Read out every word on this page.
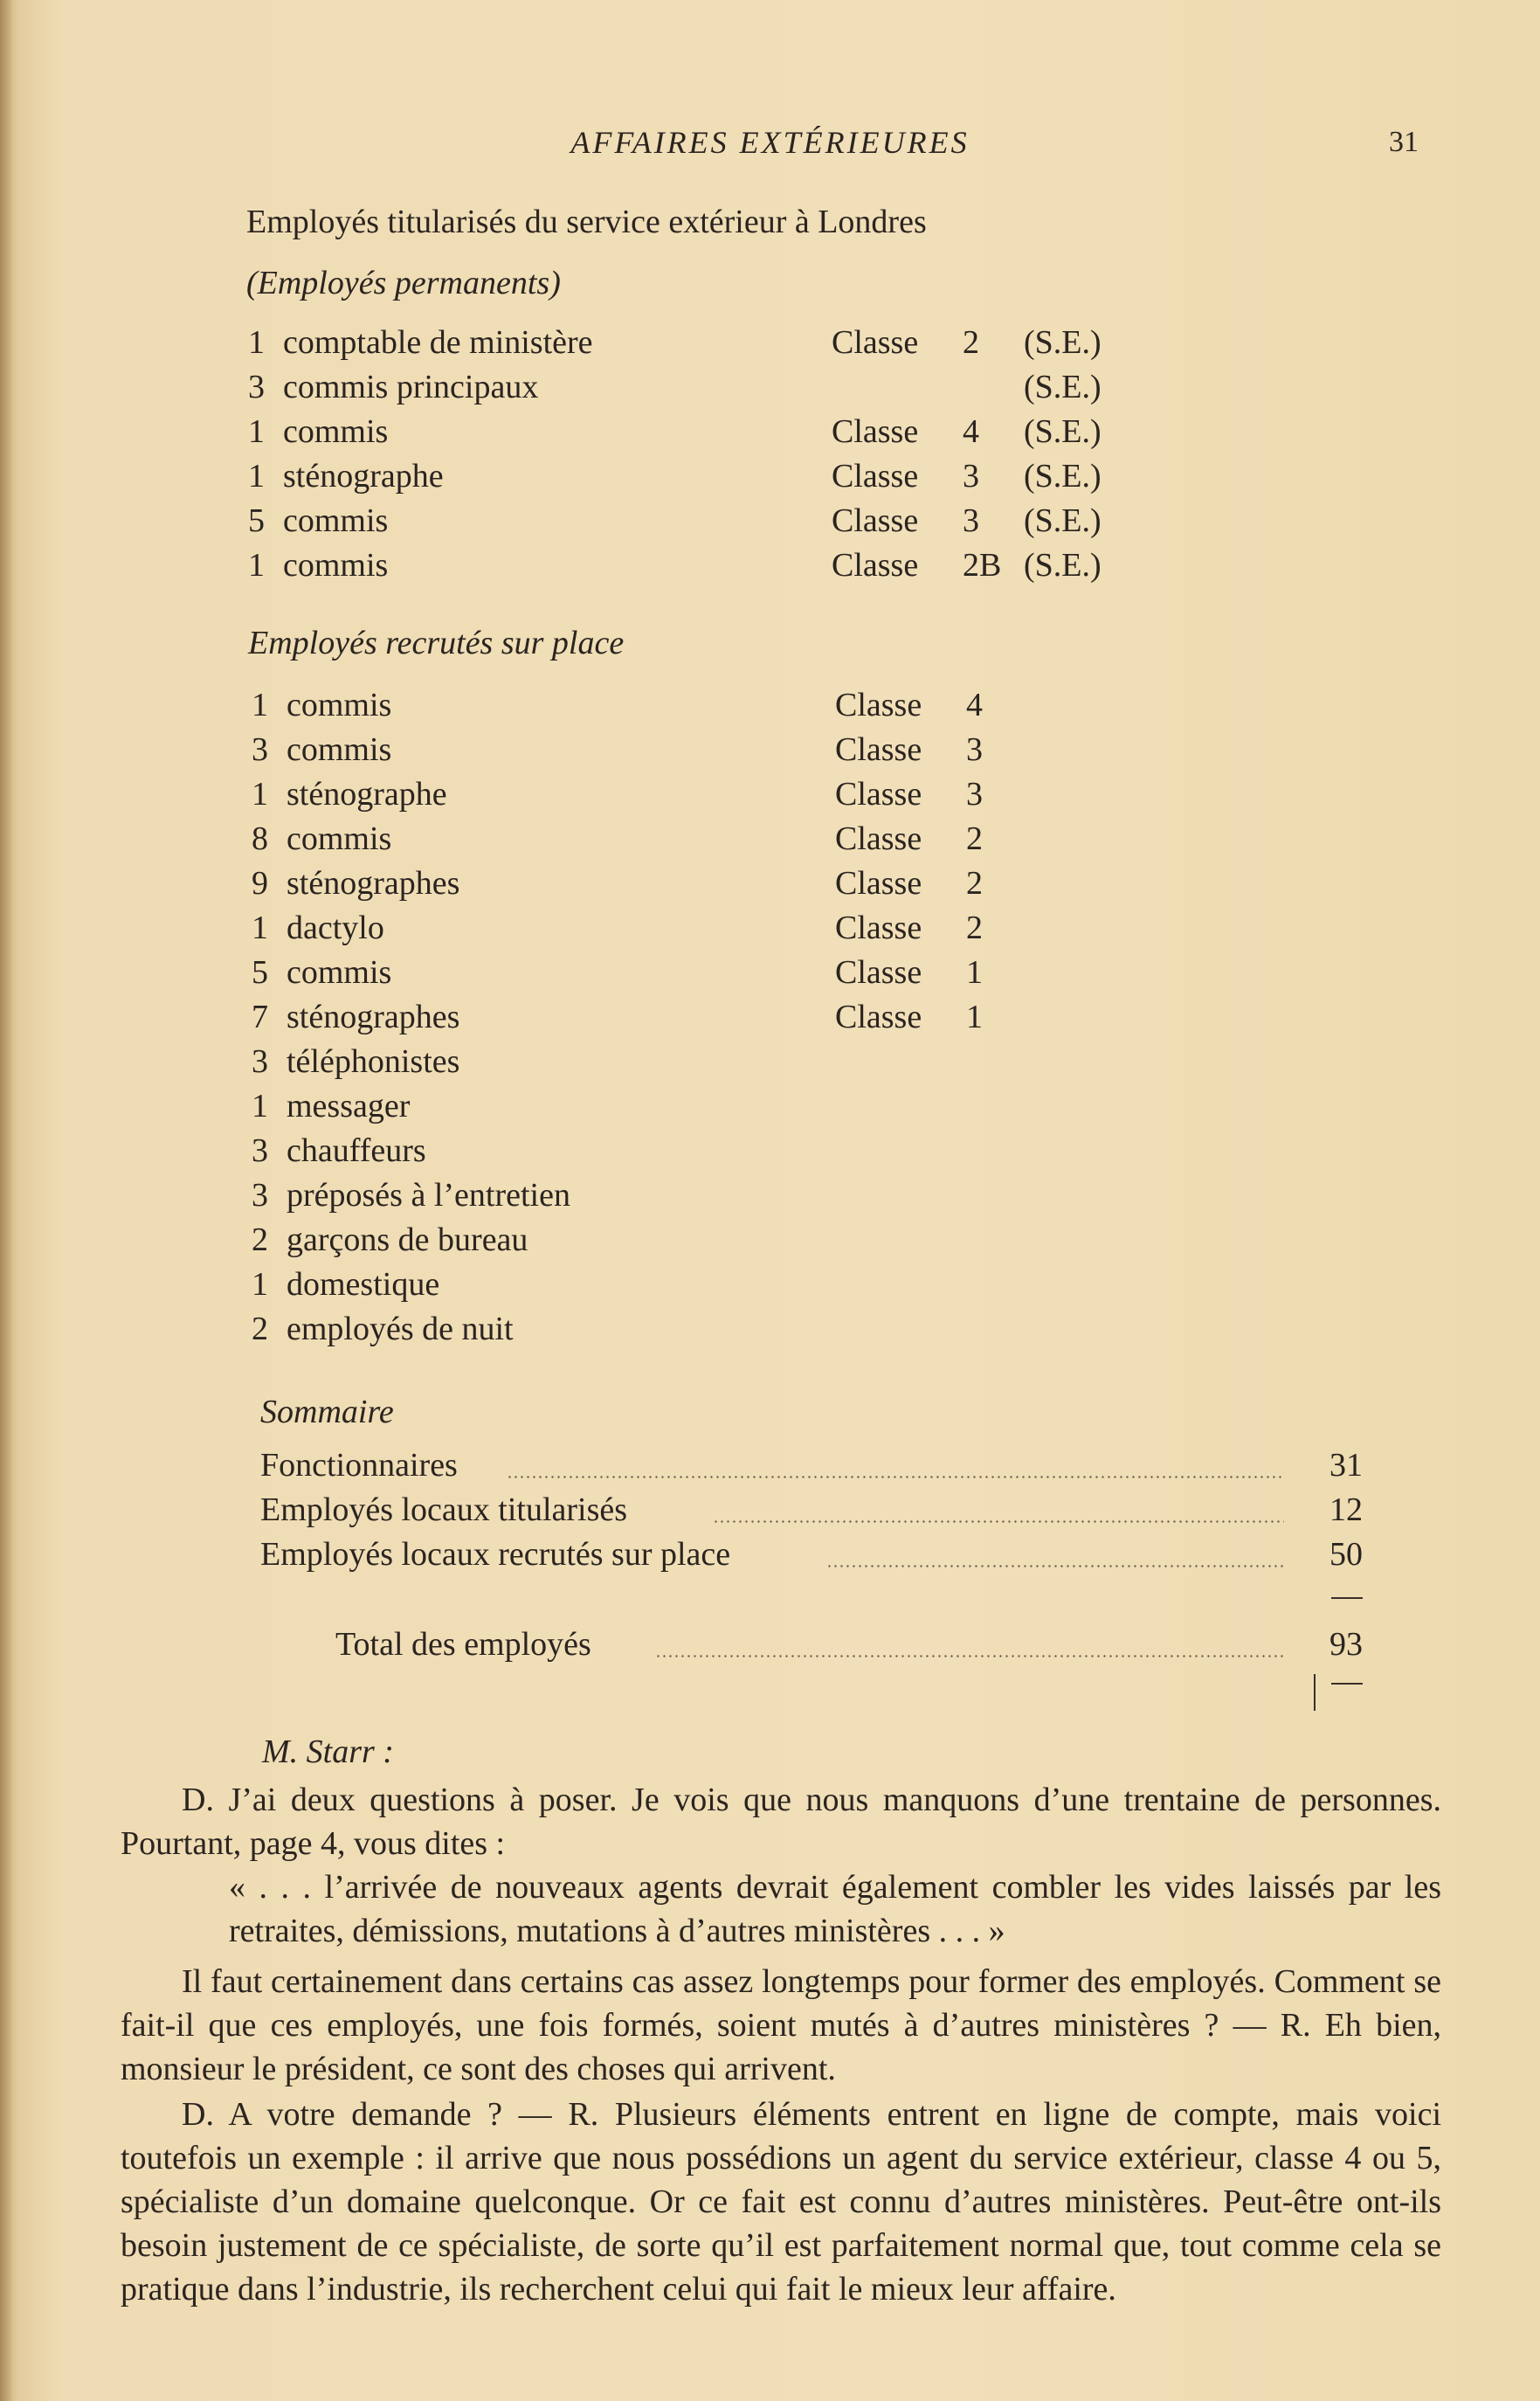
AFFAIRES EXTÉRIEURES	31
Employés titularisés du service extérieur à Londres
(Employés permanents)
1 comptable de ministère	Classe 2 (S.E.)
3 commis principaux	(S.E.)
1 commis	Classe 4 (S.E.)
1 sténographe	Classe 3 (S.E.)
5 commis	Classe 3 (S.E.)
1 commis	Classe 2B (S.E.)
Employés recrutés sur place
1 commis	Classe 4
3 commis	Classe 3
1 sténographe	Classe 3
8 commis	Classe 2
9 sténographes	Classe 2
1 dactylo	Classe 2
5 commis	Classe 1
7 sténographes	Classe 1
3 téléphonistes
1 messager
3 chauffeurs
3 préposés à l’entretien
2 garçons de bureau
1 domestique
2 employés de nuit
Sommaire
Fonctionnaires	31
Employés locaux titularisés	12
Employés locaux recrutés sur place	50
Total des employés	93
M. Starr :

D. J’ai deux questions à poser. Je vois que nous manquons d’une trentaine de personnes. Pourtant, page 4, vous dites :

« . . . l’arrivée de nouveaux agents devrait également combler les vides laissés par les retraites, démissions, mutations à d’autres ministères . . . »

Il faut certainement dans certains cas assez longtemps pour former des employés. Comment se fait-il que ces employés, une fois formés, soient mutés à d’autres ministères ? — R. Eh bien, monsieur le président, ce sont des choses qui arrivent.

D. A votre demande ? — R. Plusieurs éléments entrent en ligne de compte, mais voici toutefois un exemple : il arrive que nous possédions un agent du service extérieur, classe 4 ou 5, spécialiste d’un domaine quelconque. Or ce fait est connu d’autres ministères. Peut-être ont-ils besoin justement de ce spécialiste, de sorte qu’il est parfaitement normal que, tout comme cela se pratique dans l’industrie, ils recherchent celui qui fait le mieux leur affaire.
